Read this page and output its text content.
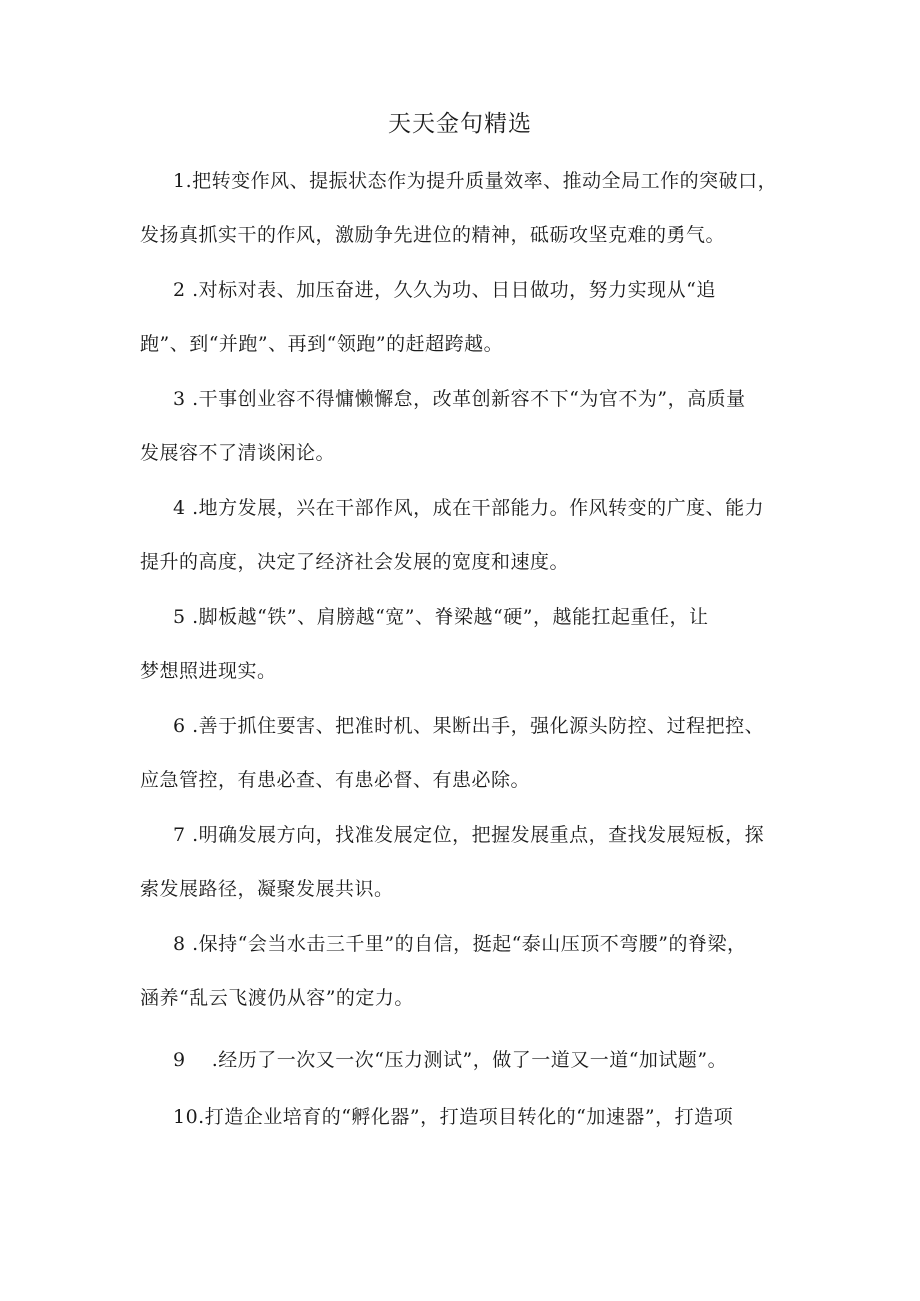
天天金句精选
1.把转变作风、提振状态作为提升质量效率、推动全局工作的突破口，
发扬真抓实干的作风，激励争先进位的精神，砥砺攻坚克难的勇气。
2 .对标对表、加压奋进，久久为功、日日做功，努力实现从“追
跑”、到“并跑”、再到“领跑”的赶超跨越。
3 .干事创业容不得慵懒懈怠，改革创新容不下“为官不为”，高质量
发展容不了清谈闲论。
4 .地方发展，兴在干部作风，成在干部能力。作风转变的广度、能力
提升的高度，决定了经济社会发展的宽度和速度。
5 .脚板越“铁”、肩膀越“宽”、脊梁越“硬”，越能扛起重任，让
梦想照进现实。
6 .善于抓住要害、把准时机、果断出手，强化源头防控、过程把控、
应急管控，有患必查、有患必督、有患必除。
7 .明确发展方向，找准发展定位，把握发展重点，查找发展短板，探
索发展路径，凝聚发展共识。
8 .保持“会当水击三千里”的自信，挺起“泰山压顶不弯腰”的脊梁，
涵养“乱云飞渡仍从容”的定力。
9    .经历了一次又一次“压力测试”，做了一道又一道“加试题”。
10.打造企业培育的“孵化器”，打造项目转化的“加速器”，打造项
